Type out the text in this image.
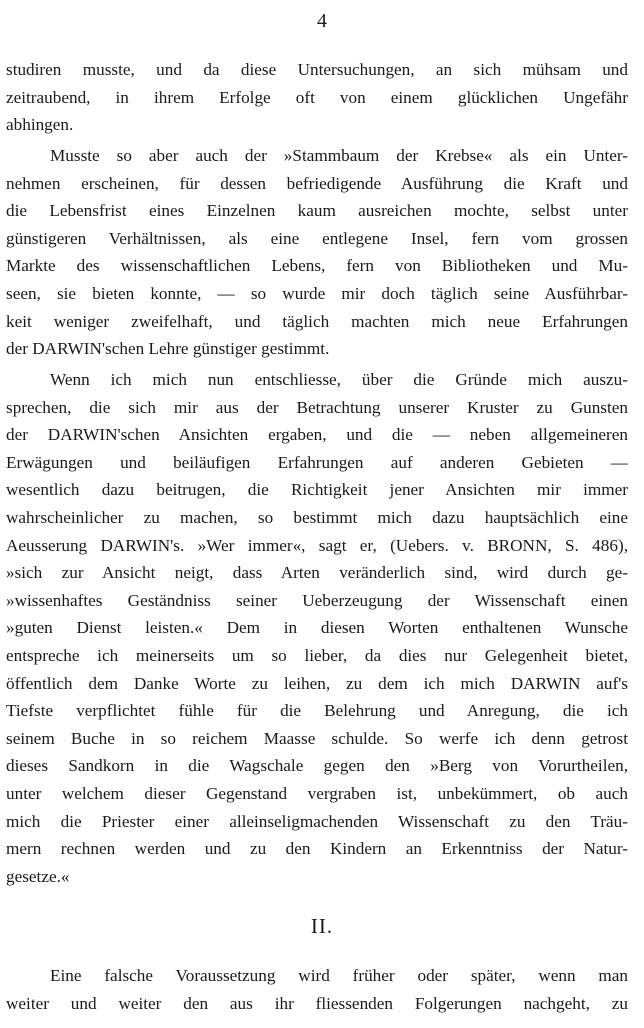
4
studiren musste, und da diese Untersuchungen, an sich mühsam und
zeitraubend, in ihrem Erfolge oft von einem glücklichen Ungefähr
abhingen.
Musste so aber auch der »Stammbaum der Krebse« als ein Unter-
nehmen erscheinen, für dessen befriedigende Ausführung die Kraft und
die Lebensfrist eines Einzelnen kaum ausreichen mochte, selbst unter
günstigeren Verhältnissen, als eine entlegene Insel, fern vom grossen
Markte des wissenschaftlichen Lebens, fern von Bibliotheken und Mu-
seen, sie bieten konnte, — so wurde mir doch täglich seine Ausführbar-
keit weniger zweifelhaft, und täglich machten mich neue Erfahrungen
der DARWIN'schen Lehre günstiger gestimmt.
Wenn ich mich nun entschliesse, über die Gründe mich auszu-
sprechen, die sich mir aus der Betrachtung unserer Kruster zu Gunsten
der DARWIN'schen Ansichten ergaben, und die — neben allgemeineren
Erwägungen und beiläufigen Erfahrungen auf anderen Gebieten —
wesentlich dazu beitrugen, die Richtigkeit jener Ansichten mir immer
wahrscheinlicher zu machen, so bestimmt mich dazu hauptsächlich eine
Aeusserung DARWIN's. »Wer immer«, sagt er, (Uebers. v. BRONN, S. 486),
»sich zur Ansicht neigt, dass Arten veränderlich sind, wird durch ge-
»wissenhaftes Geständniss seiner Ueberzeugung der Wissenschaft einen
»guten Dienst leisten.« Dem in diesen Worten enthaltenen Wunsche
entspreche ich meinerseits um so lieber, da dies nur Gelegenheit bietet,
öffentlich dem Danke Worte zu leihen, zu dem ich mich DARWIN auf's
Tiefste verpflichtet fühle für die Belehrung und Anregung, die ich
seinem Buche in so reichem Maasse schulde. So werfe ich denn getrost
dieses Sandkorn in die Wagschale gegen den »Berg von Vorurtheilen,
unter welchem dieser Gegenstand vergraben ist, unbekümmert, ob auch
mich die Priester einer alleinseligmachenden Wissenschaft zu den Träu-
mern rechnen werden und zu den Kindern an Erkenntniss der Natur-
gesetze.«
II.
Eine falsche Voraussetzung wird früher oder später, wenn man
weiter und weiter den aus ihr fliessenden Folgerungen nachgeht, zu
